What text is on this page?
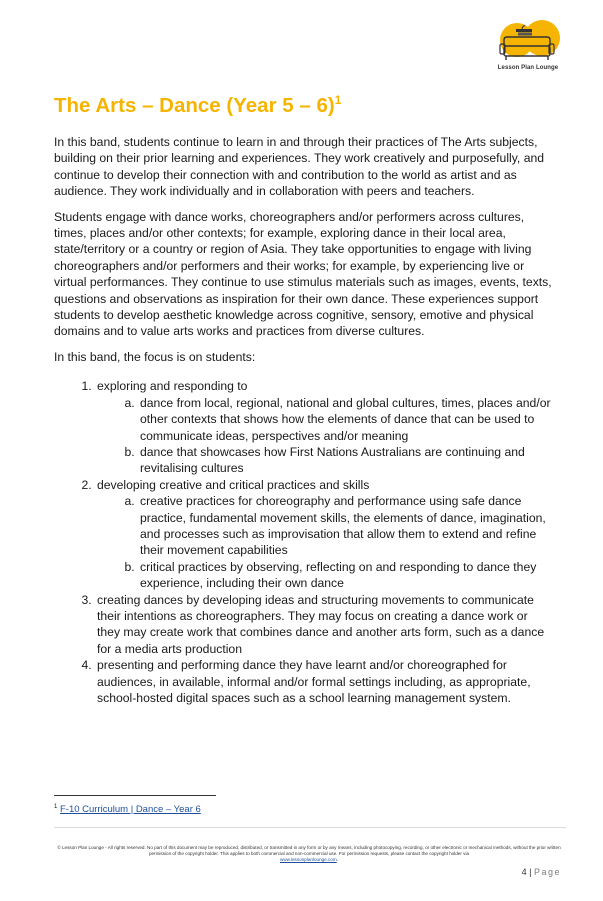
Lesson Plan Lounge
The Arts – Dance (Year 5 – 6)$^1$

In this band, students continue to learn in and through their practices of The Arts subjects, building on their prior learning and experiences. They work creatively and purposefully, and continue to develop their connection with and contribution to the world as artist and as audience. They work individually and in collaboration with peers and teachers.

Students engage with dance works, choreographers and/or performers across cultures, times, places and/or other contexts; for example, exploring dance in their local area, state/territory or a country or region of Asia. They take opportunities to engage with living choreographers and/or performers and their works; for example, by experiencing live or virtual performances. They continue to use stimulus materials such as images, events, texts, questions and observations as inspiration for their own dance. These experiences support students to develop aesthetic knowledge across cognitive, sensory, emotive and physical domains and to value arts works and practices from diverse cultures.

In this band, the focus is on students:

1. exploring and responding to
a. dance from local, regional, national and global cultures, times, places and/or other contexts that shows how the elements of dance that can be used to communicate ideas, perspectives and/or meaning
b. dance that showcases how First Nations Australians are continuing and revitalising cultures
2. developing creative and critical practices and skills
a. creative practices for choreography and performance using safe dance practice, fundamental movement skills, the elements of dance, imagination, and processes such as improvisation that allow them to extend and refine their movement capabilities
b. critical practices by observing, reflecting on and responding to dance they experience, including their own dance
3. creating dances by developing ideas and structuring movements to communicate their intentions as choreographers. They may focus on creating a dance work or they may create work that combines dance and another arts form, such as a dance for a media arts production
4. presenting and performing dance they have learnt and/or choreographed for audiences, in available, informal and/or formal settings including, as appropriate, school-hosted digital spaces such as a school learning management system.
$^1$ F-10 Curriculum | Dance – Year 6
© Lesson Plan Lounge - All rights reserved. No part of this document may be reproduced, distributed, or transmitted in any form or by any means, including photocopying, recording, or other electronic or mechanical methods, without the prior written permission of the copyright holder. This applies to both commercial and non-commercial use. For permission requests, please contact the copyright holder via
www.lessonplanlounge.com.
4 | Page
